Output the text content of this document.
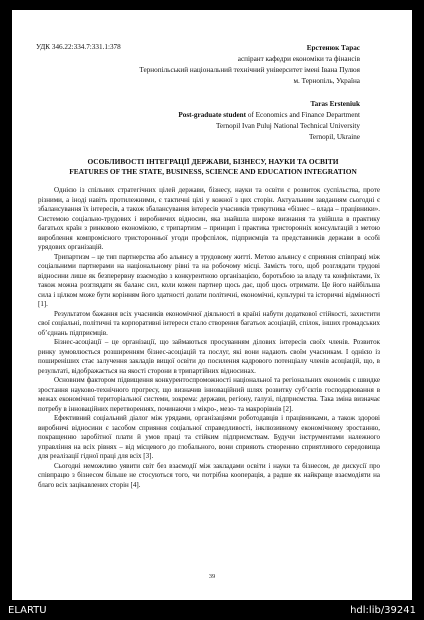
УДК 346.22:334.7:331.1:378	Ерстенюк Тарас
аспірант кафедри економіки та фінансів
Тернопільський національний технічний університет імені Івана Пулюя
м. Тернопіль, Україна
Taras Ersteniuk
Post-graduate student of Economics and Finance Department
Ternopil Ivan Puluj National Technical University
Ternopil, Ukraine
ОСОБЛИВОСТІ ІНТЕГРАЦІЇ ДЕРЖАВИ, БІЗНЕСУ, НАУКИ ТА ОСВІТИ
FEATURES OF THE STATE, BUSINESS, SCIENCE AND EDUCATION INTEGRATION

Однією із спільних стратегічних цілей держави, бізнесу, науки та освіти є розвиток суспільства, проте різними, а іноді навіть протилежними, є тактичні цілі у кожної з цих сторін. Актуальним завданням сьогодні є збалансування їх інтересів, а також збалансування інтересів учасників трикутника «бізнес – влада – працівники». Системою соціально-трудових і виробничих відносин, яка знайшла широке визнання та увійшла в практику багатьох країн з ринковою економікою, є трипартизм – принцип і практика тристоронніх консультацій з метою вироблення компромісного тристоронньої угоди профспілок, підприємців та представників держави в особі урядових організацій.

Трипартизм – це тип партнерства або альянсу в трудовому житті. Метою альянсу є сприяння співпраці між соціальними партнерами на національному рівні та на робочому місці. Замість того, щоб розглядати трудові відносини лише як безперервну взаємодію з конкурентною організацією, боротьбою за владу та конфліктами, їх також можна розглядати як баланс сил, коли кожен партнер щось дає, щоб щось отримати. Це його найбільша сила і цілком може бути корінням його здатності долати політичні, економічні, культурні та історичні відмінності [1].

Результатом бажання всіх учасників економічної діяльності в країні набути додаткової стійкості, захистити свої соціальні, політичні та корпоративні інтереси стало створення багатьох асоціацій, спілок, інших громадських об’єднань підприємців.

Бізнес-асоціації – це організації, що займаються просуванням ділових інтересів своїх членів. Розвиток ринку зумовлюється розширенням бізнес-асоціацій та послуг, які вони надають своїм учасникам. І однією із поширеніших стає залучення закладів вищої освіти до посилення кадрового потенціалу членів асоціацій, що, в результаті, відображається на якості сторони в трипартійних відносинах.

Основним фактором підвищення конкурентоспроможності національної та регіональних економік є швидке зростання науково-технічного прогресу, що визначив інноваційний шлях розвитку суб’єктів господарювання в межах економічної територіальної системи, зокрема: держави, регіону, галузі, підприємства. Така зміна визначає потребу в інноваційних перетвореннях, починаючи з мікро-, мезо- та макрорівнів [2].

Ефективний соціальний діалог між урядами, організаціями роботодавців і працівниками, а також здорові виробничі відносини є засобом сприяння соціальної справедливості, інклюзивному економічному зростанню, покращенню заробітної плати й умов праці та стійким підприємствам. Будучи інструментами належного управління на всіх рівнях – від місцевого до глобального, вони сприяють створенню сприятливого середовища для реалізації гідної праці для всіх [3].

Сьогодні неможливо уявити світ без взаємодії між закладами освіти і науки та бізнесом, де дискусії про співпрацю з бізнесом більше не стосуються того, чи потрібна кооперація, а радше як найкраще взаємодіяти на благо всіх зацікавлених сторін [4].

39
ELARTU	hdl:lib/39241
